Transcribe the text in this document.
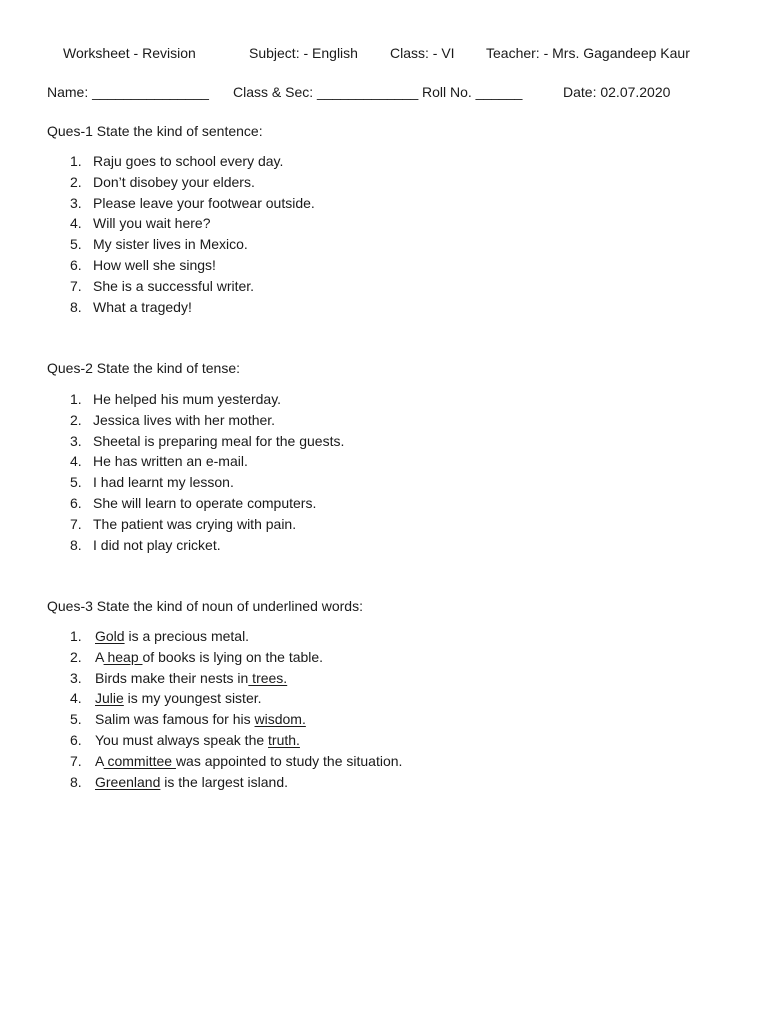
Worksheet - Revision	Subject: - English Class: - VI Teacher: - Mrs. Gagandeep Kaur
Name: _______________ Class & Sec: _____________ Roll No. ______	Date: 02.07.2020
Ques-1 State the kind of sentence:
1. Raju goes to school every day.
2. Don’t disobey your elders.
3. Please leave your footwear outside.
4. Will you wait here?
5. My sister lives in Mexico.
6. How well she sings!
7. She is a successful writer.
8. What a tragedy!
Ques-2 State the kind of tense:
1. He helped his mum yesterday.
2. Jessica lives with her mother.
3. Sheetal is preparing meal for the guests.
4. He has written an e-mail.
5. I had learnt my lesson.
6. She will learn to operate computers.
7. The patient was crying with pain.
8. I did not play cricket.
Ques-3 State the kind of noun of underlined words:
1. Gold is a precious metal.
2. A heap of books is lying on the table.
3. Birds make their nests in trees.
4. Julie is my youngest sister.
5. Salim was famous for his wisdom.
6. You must always speak the truth.
7. A committee was appointed to study the situation.
8. Greenland is the largest island.
